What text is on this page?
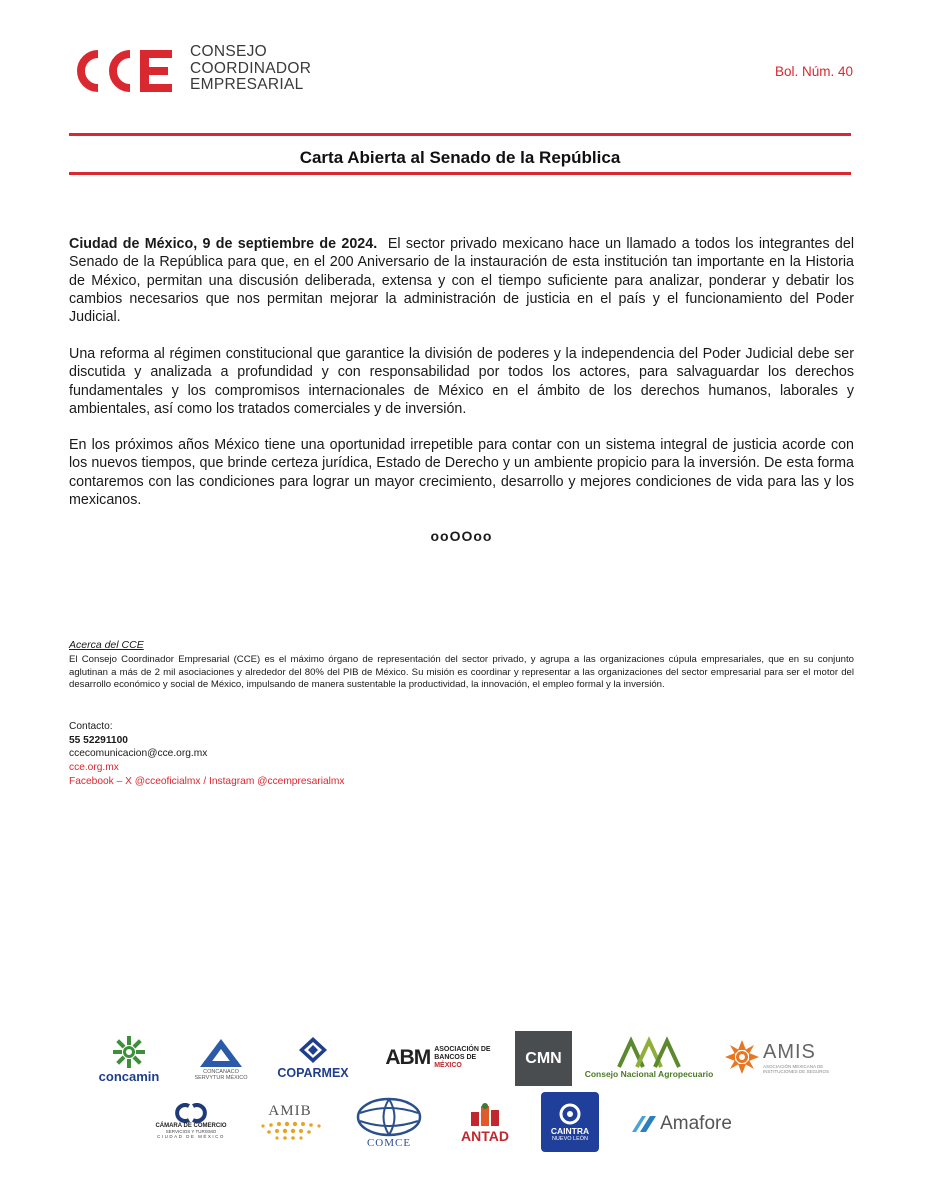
CONSEJO
COORDINADOR
EMPRESARIAL
Bol. Núm. 40
Carta Abierta al Senado de la República
Ciudad de México, 9 de septiembre de 2024. El sector privado mexicano hace un llamado a todos los integrantes del Senado de la República para que, en el 200 Aniversario de la instauración de esta institución tan importante en la Historia de México, permitan una discusión deliberada, extensa y con el tiempo suficiente para analizar, ponderar y debatir los cambios necesarios que nos permitan mejorar la administración de justicia en el país y el funcionamiento del Poder Judicial.
Una reforma al régimen constitucional que garantice la división de poderes y la independencia del Poder Judicial debe ser discutida y analizada a profundidad y con responsabilidad por todos los actores, para salvaguardar los derechos fundamentales y los compromisos internacionales de México en el ámbito de los derechos humanos, laborales y ambientales, así como los tratados comerciales y de inversión.
En los próximos años México tiene una oportunidad irrepetible para contar con un sistema integral de justicia acorde con los nuevos tiempos, que brinde certeza jurídica, Estado de Derecho y un ambiente propicio para la inversión. De esta forma contaremos con las condiciones para lograr un mayor crecimiento, desarrollo y mejores condiciones de vida para las y los mexicanos.
ooOOoo
Acerca del CCE
El Consejo Coordinador Empresarial (CCE) es el máximo órgano de representación del sector privado, y agrupa a las organizaciones cúpula empresariales, que en su conjunto aglutinan a más de 2 mil asociaciones y alrededor del 80% del PIB de México. Su misión es coordinar y representar a las organizaciones del sector empresarial para ser el motor del desarrollo económico y social de México, impulsando de manera sustentable la productividad, la innovación, el empleo formal y la inversión.
Contacto:
55 52291100
ccecomunicacion@cce.org.mx
cce.org.mx
Facebook – X @cceoficialmx / Instagram @ccempresarialmx
concamin	CONCANACO SERVYTUR MÉXICO COPARMEX
ABM ASOCIACIÓN DE
BANCOS DE
MÉXICO	CMN
Consejo Nacional Agropecuario
AMIS
ASOCIACIÓN MEXICANA DE INSTITUCIONES DE SEGUROS
CÁMARA DE COMERCIO
SERVICIOS Y TURISMO
CIUDAD DE MÉXICO
AMIB
COMCE	ANTAD	CAINTRA
NUEVO LEÓN
Amafore
